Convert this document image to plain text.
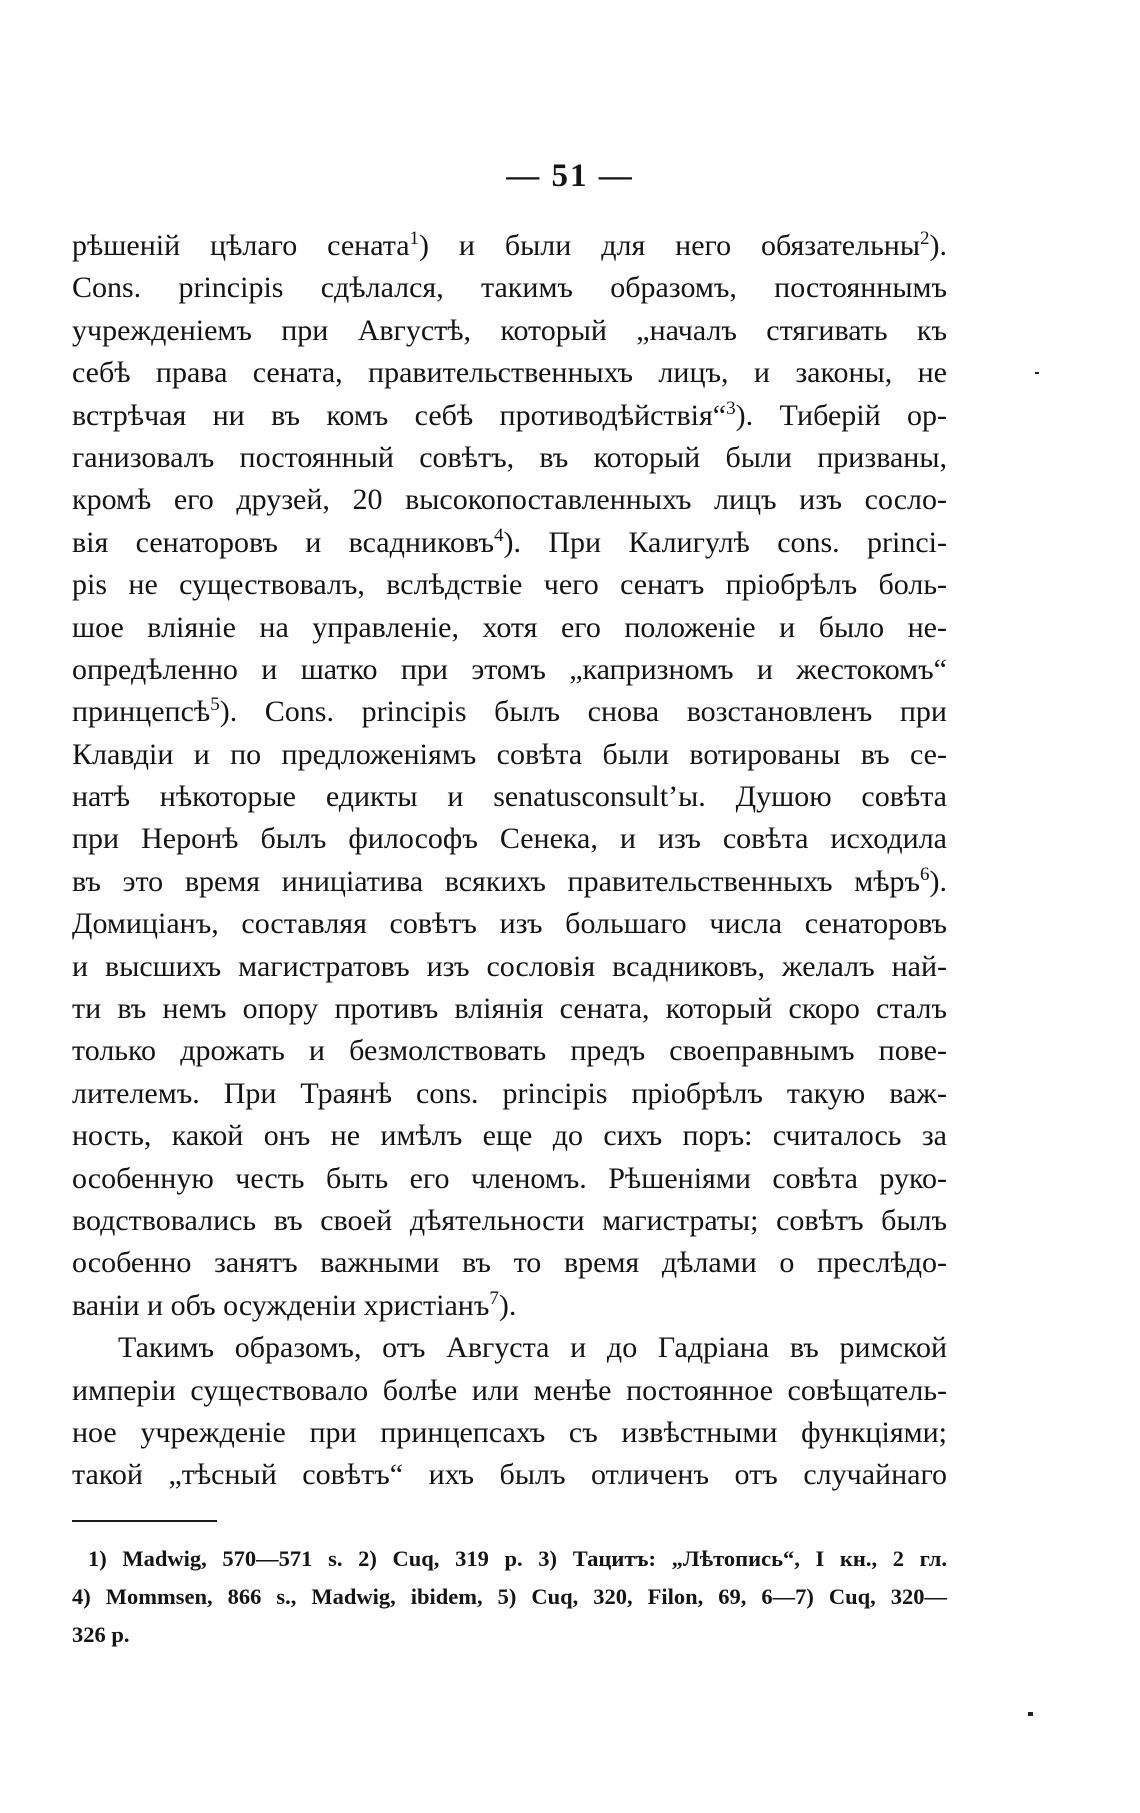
— 51 —
рѣшеній цѣлаго сената$^1$) и были для него обязательны$^2$).
Cons. principis сдѣлался, такимъ образомъ, постояннымъ
учрежденіемъ при Августѣ, который „началъ стягивать къ
себѣ права сената, правительственныхъ лицъ, и законы, не
встрѣчая ни въ комъ себѣ противодѣйствія“$^3$). Тиберій ор-
ганизовалъ постоянный совѣтъ, въ который были призваны,
кромѣ его друзей, 20 высокопоставленныхъ лицъ изъ сосло-
вія сенаторовъ и всадниковъ$^4$). При Калигулѣ cons. princi-
pis не существовалъ, вслѣдствіе чего сенатъ пріобрѣлъ боль-
шое вліяніе на управленіе, хотя его положеніе и было не-
опредѣленно и шатко при этомъ „капризномъ и жестокомъ“
принцепсѣ$^5$). Cons. principis былъ снова возстановленъ при
Клавдіи и по предложеніямъ совѣта были вотированы въ се-
натѣ нѣкоторые едикты и senatusconsult’ы. Душою совѣта
при Неронѣ былъ философъ Сенека, и изъ совѣта исходила
въ это время иниціатива всякихъ правительственныхъ мѣръ$^6$).
Домиціанъ, составляя совѣтъ изъ большаго числа сенаторовъ
и высшихъ магистратовъ изъ сословія всадниковъ, желалъ най-
ти въ немъ опору противъ вліянія сената, который скоро сталъ
только дрожать и безмолствовать предъ своеправнымъ пове-
лителемъ. При Траянѣ cons. principis пріобрѣлъ такую важ-
ность, какой онъ не имѣлъ еще до сихъ поръ: считалось за
особенную честь быть его членомъ. Рѣшеніями совѣта руко-
водствовались въ своей дѣятельности магистраты; совѣтъ былъ
особенно занятъ важными въ то время дѣлами о преслѣдо-
ваніи и объ осужденіи христіанъ$^7$).
Такимъ образомъ, отъ Августа и до Гадріана въ римской
имперіи существовало болѣе или менѣе постоянное совѣщатель-
ное учрежденіе при принцепсахъ съ извѣстными функціями;
такой „тѣсный совѣтъ“ ихъ былъ отличенъ отъ случайнаго
1) Madwig, 570—571 s. 2) Cuq, 319 p. 3) Тацитъ: „Лѣтопись“, I кн., 2 гл.
4) Mommsen, 866 s., Madwig, ibidem, 5) Cuq, 320, Filon, 69, 6—7) Cuq, 320—
326 p.
